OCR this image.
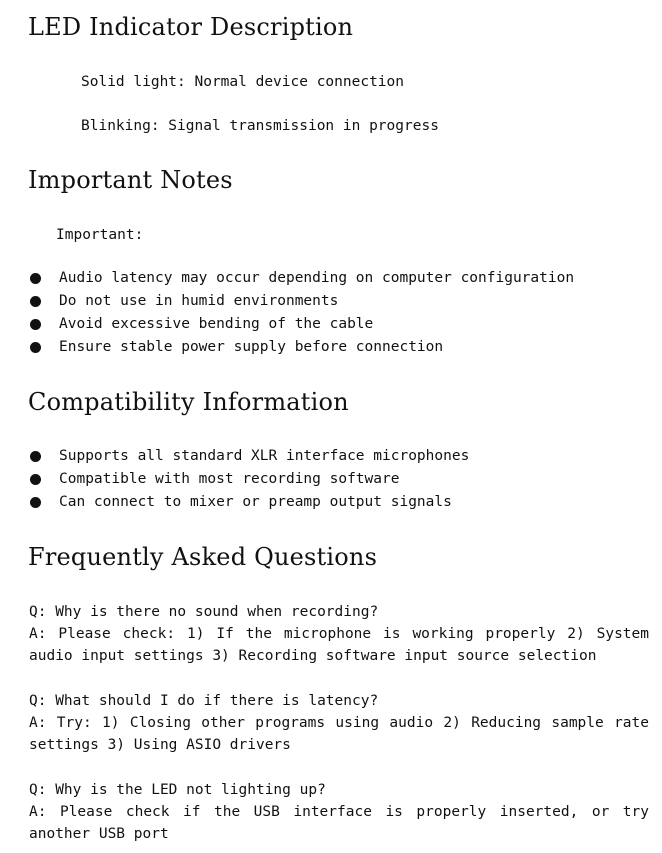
LED Indicator Description
Solid light: Normal device connection
Blinking: Signal transmission in progress
Important Notes
Important:
Audio latency may occur depending on computer configuration
Do not use in humid environments
Avoid excessive bending of the cable
Ensure stable power supply before connection
Compatibility Information
Supports all standard XLR interface microphones
Compatible with most recording software
Can connect to mixer or preamp output signals
Frequently Asked Questions

Q: Why is there no sound when recording?

A: Please check: 1) If the microphone is working properly 2) System audio input settings 3) Recording software input source selection

Q: What should I do if there is latency?

A: Try: 1) Closing other programs using audio 2) Reducing sample rate settings 3) Using ASIO drivers

Q: Why is the LED not lighting up?

A: Please check if the USB interface is properly inserted, or try another USB port
